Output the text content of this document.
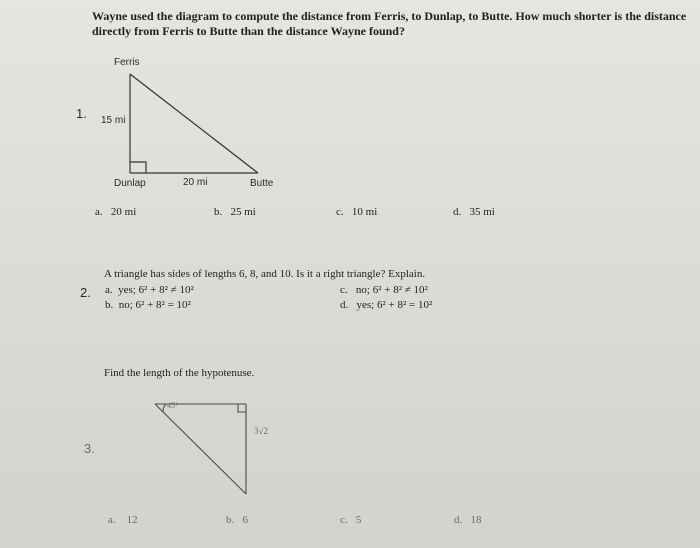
Wayne used the diagram to compute the distance from Ferris, to Dunlap, to Butte. How much shorter is the distance directly from Ferris to Butte than the distance Wayne found?
1.
Ferris
15 mi
Dunlap	20 mi	Butte
a. 20 mi	b. 25 mi	c. 10 mi	d. 35 mi
A triangle has sides of lengths 6, 8, and 10. Is it a right triangle? Explain.
2. a. yes; 6² + 8² ≠ 10²
b. no; 6² + 8² = 10²
c. no; 6² + 8² ≠ 10²
d. yes; 6² + 8² = 10²
Find the length of the hypotenuse.
3.
45°
3√2
a. 12	b. 6	c. 5	d. 18
